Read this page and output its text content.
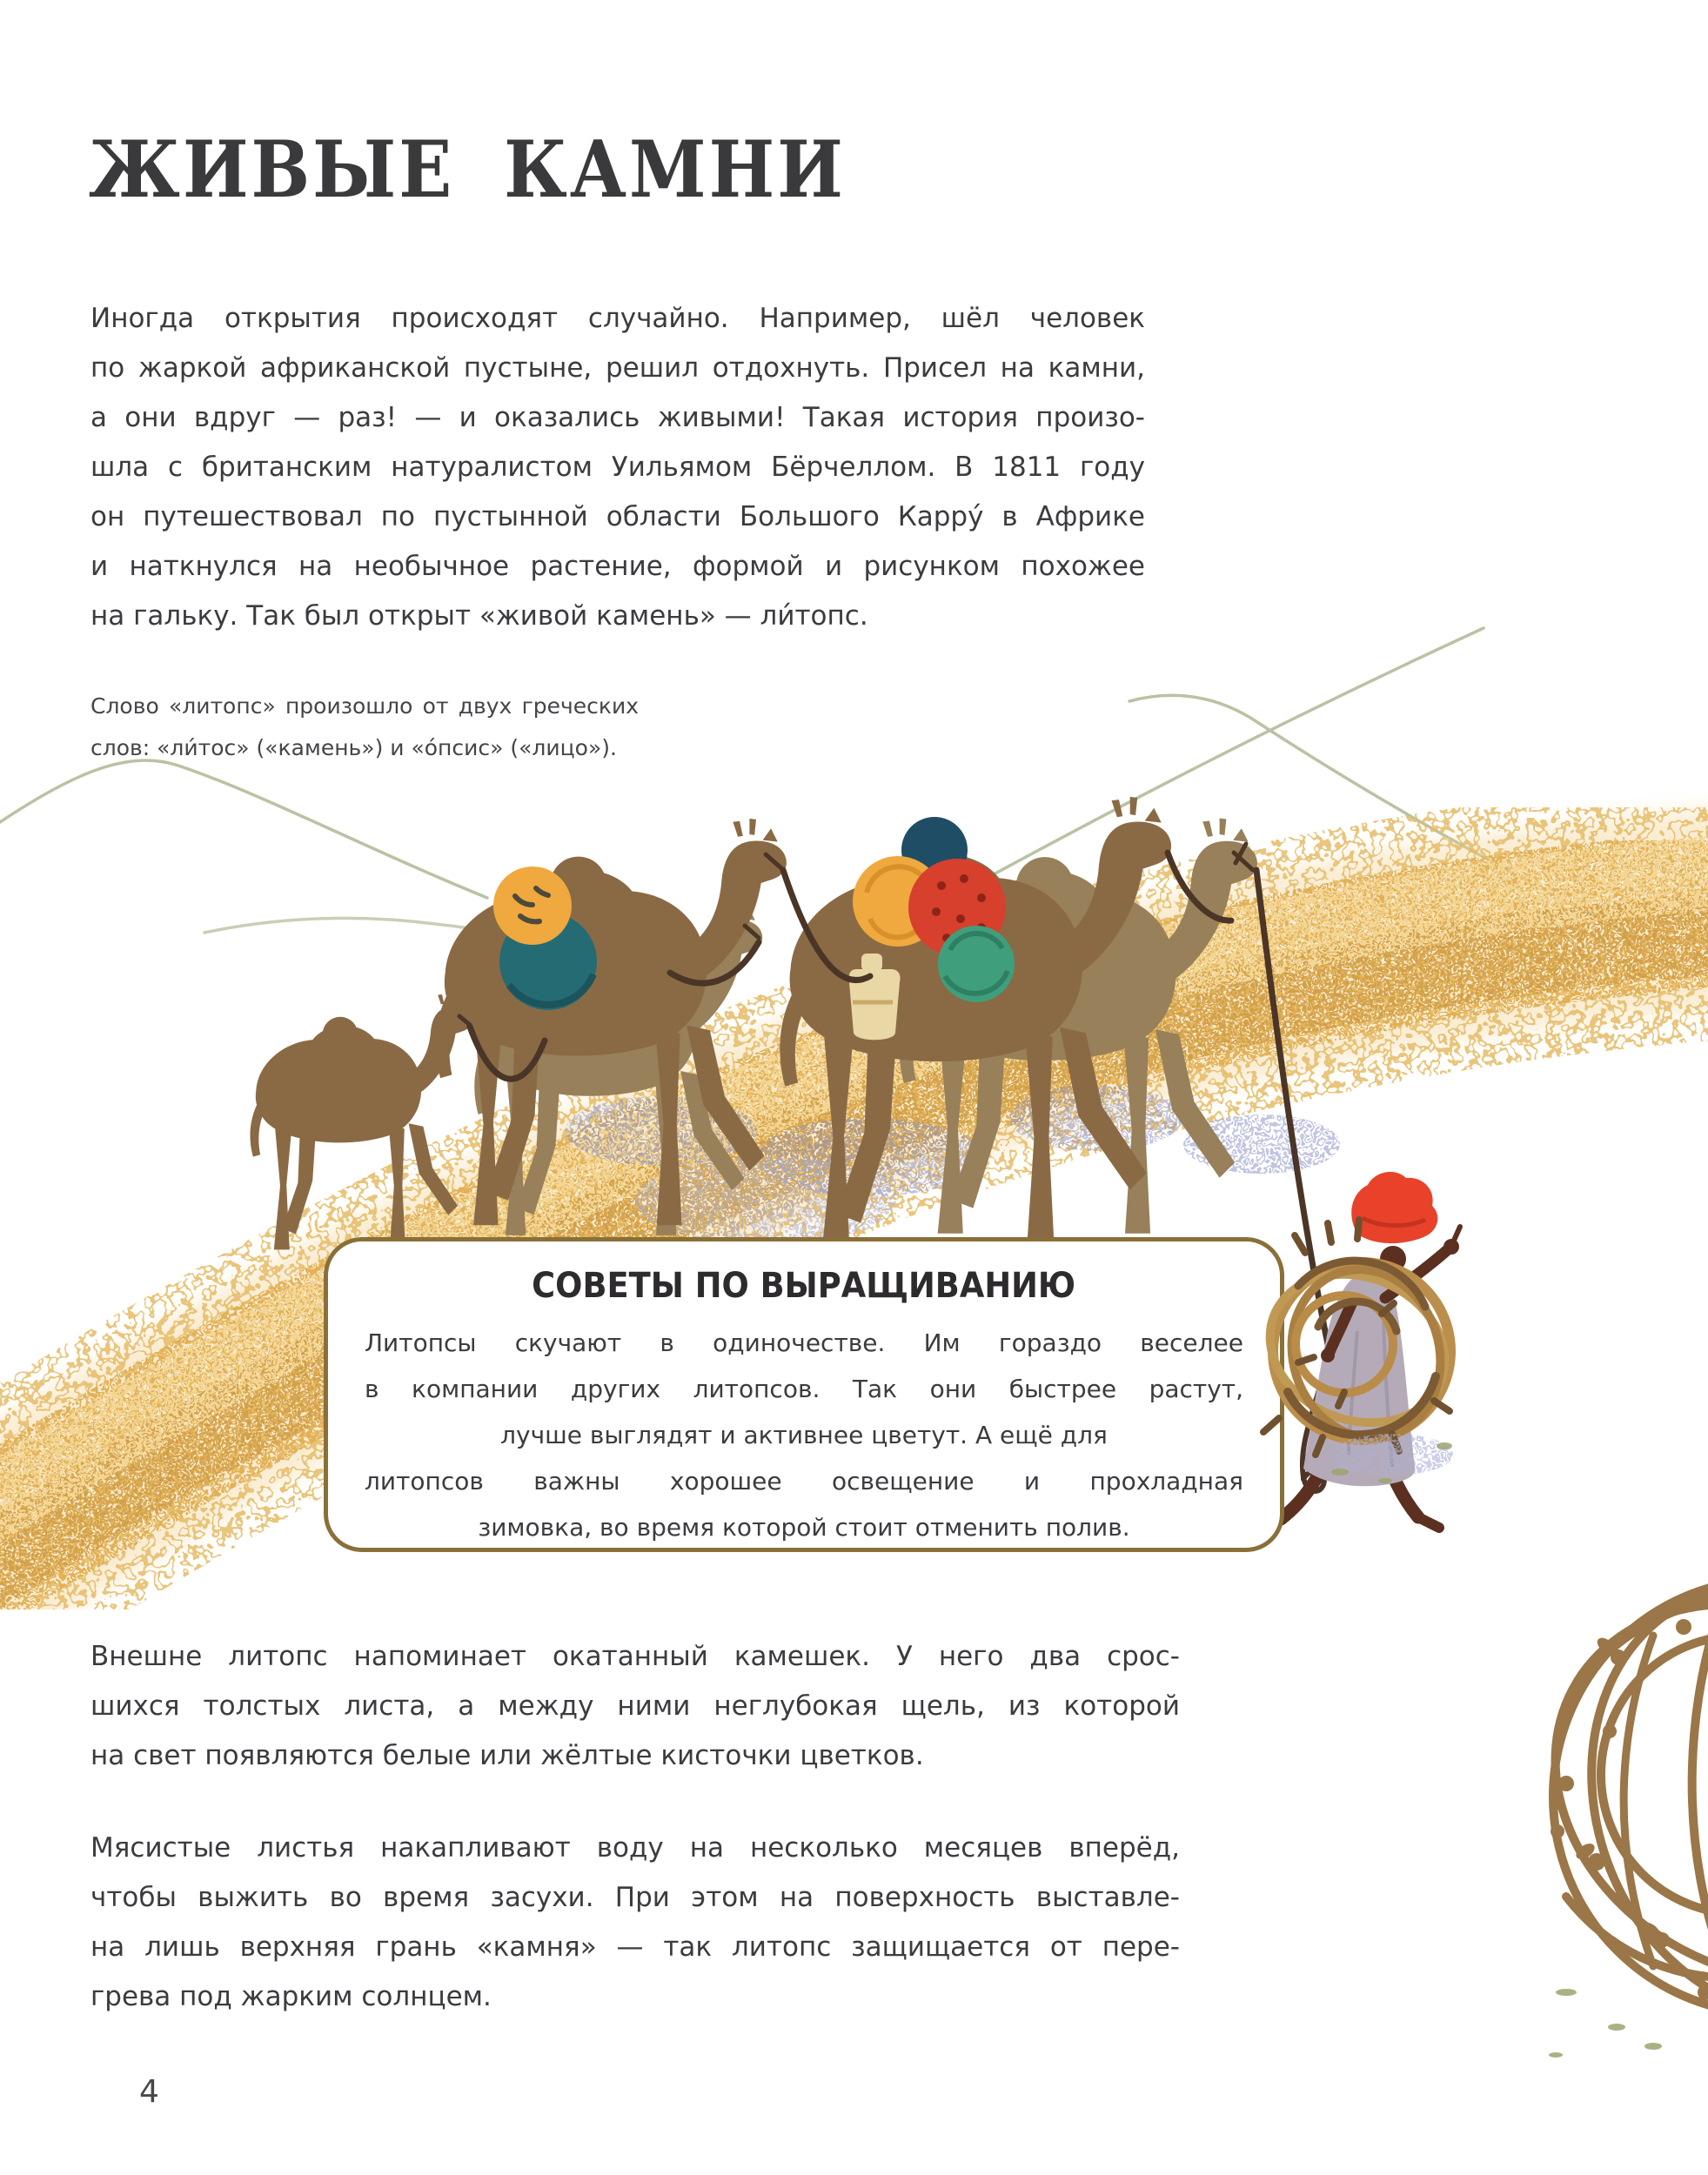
ЖИВЫЕ КАМНИ
Иногда открытия происходят случайно. Например, шёл человек
по жаркой африканской пустыне, решил отдохнуть. Присел на камни,
а они вдруг — раз! — и оказались живыми! Такая история произо-
шла с британским натуралистом Уильямом Бёрчеллом. В 1811 году
он путешествовал по пустынной области Большого Карру́ в Африке
и наткнулся на необычное растение, формой и рисунком похожее
на гальку. Так был открыт «живой камень» — ли́топс.
Слово «литопс» произошло от двух греческих
слов: «ли́тос» («камень») и «о́псис» («лицо»).
СОВЕТЫ ПО ВЫРАЩИВАНИЮ
Литопсы скучают в одиночестве. Им гораздо веселее
в компании других литопсов. Так они быстрее растут,
лучше выглядят и активнее цветут. А ещё для
литопсов важны хорошее освещение и прохладная
зимовка, во время которой стоит отменить полив.
Внешне литопс напоминает окатанный камешек. У него два срос-
шихся толстых листа, а между ними неглубокая щель, из которой
на свет появляются белые или жёлтые кисточки цветков.
Мясистые листья накапливают воду на несколько месяцев вперёд,
чтобы выжить во время засухи. При этом на поверхность выставле-
на лишь верхняя грань «камня» — так литопс защищается от пере-
грева под жарким солнцем.
4
